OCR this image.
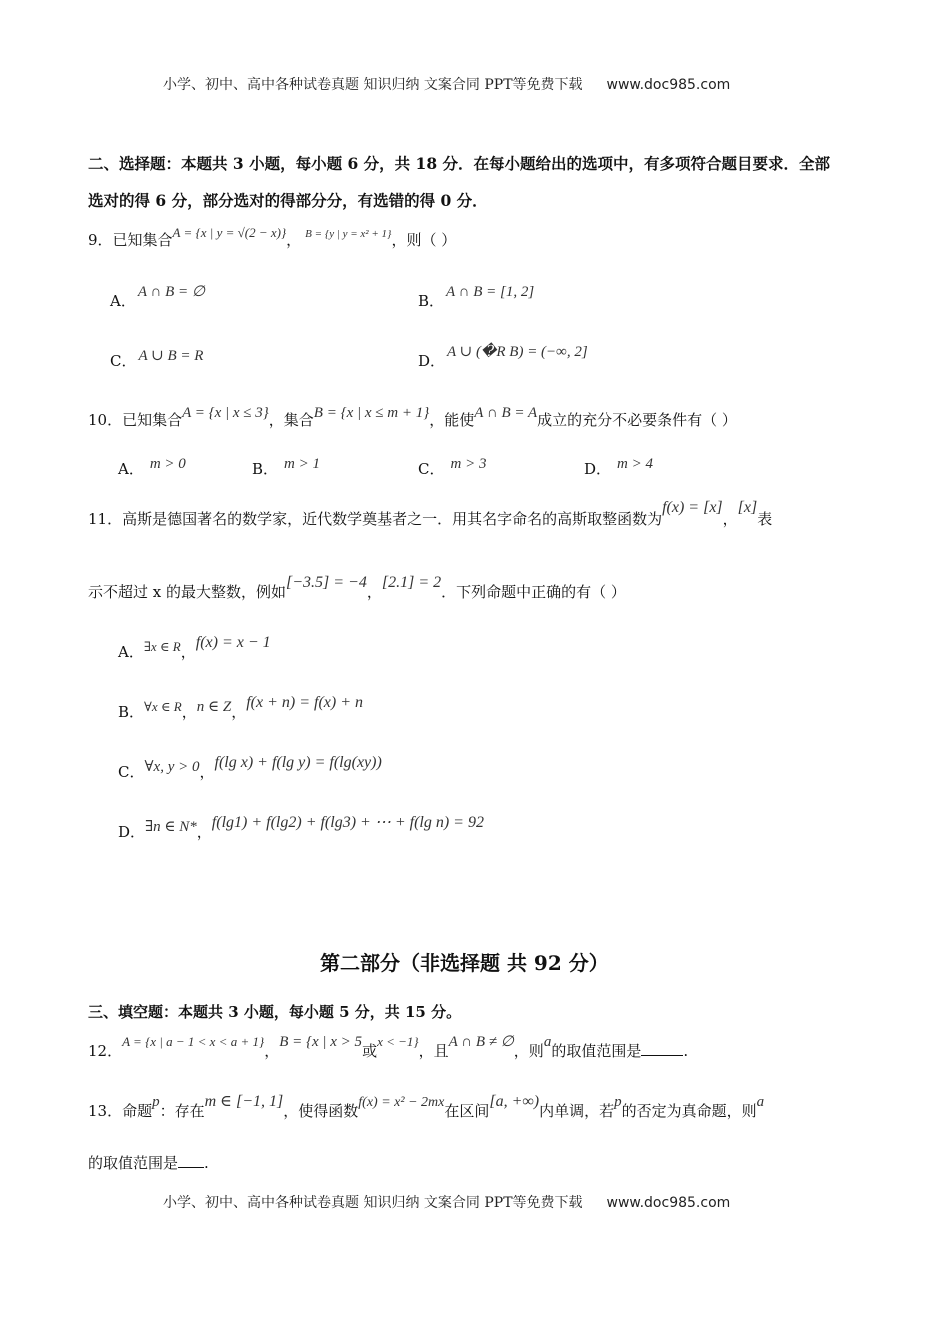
小学、初中、高中各种试卷真题 知识归纳 文案合同 PPT等免费下载 www.doc985.com
二、选择题：本题共 3 小题，每小题 6 分，共 18 分．在每小题给出的选项中，有多项符合题目要求．全部
选对的得 6 分，部分选对的得部分分，有选错的得 0 分．
9．已知集合A = {x | y = √(2 − x)}， $^{B = \{y | y = x^2 + 1\}}$，则（ ）
A． A ∩ B = ∅	B． A ∩ B = [1, 2]
C． A ∪ B = R	D． A ∪ (�R B) = (−∞, 2]
10．已知集合A = {x | x ≤ 3}，集合B = {x | x ≤ m + 1}，能使A ∩ B = A成立的充分不必要条件有（ ）
A． m > 0	B． m > 1	C． m > 3	D． m > 4
11．高斯是德国著名的数学家，近代数学奠基者之一．用其名字命名的高斯取整函数为f(x) = [x]，[x]表
示不超过 x 的最大整数，例如[−3.5] = −4，[2.1] = 2．下列命题中正确的有（ ）
A．∃x ∈ R，f(x) = x − 1
B．∀x ∈ R，n ∈ Z，f(x + n) = f(x) + n
C．∀x, y > 0，f(lg x) + f(lg y) = f(lg(xy))
D．∃n ∈ N*，f(lg1) + f(lg2) + f(lg3) + ⋯ + f(lg n) = 92
第二部分（非选择题 共 92 分）
三、填空题：本题共 3 小题，每小题 5 分，共 15 分。
12．A = {x | a − 1 < x < a + 1}，B = {x | x > 5或x < −1}，且A ∩ B ≠ ∅，则a的取值范围是	.
13．命题p：存在m ∈ [−1, 1]，使得函数f(x) = x² − 2mx在区间[a, +∞)内单调，若p的否定为真命题，则a
的取值范围是 .
小学、初中、高中各种试卷真题 知识归纳 文案合同 PPT等免费下载 www.doc985.com
